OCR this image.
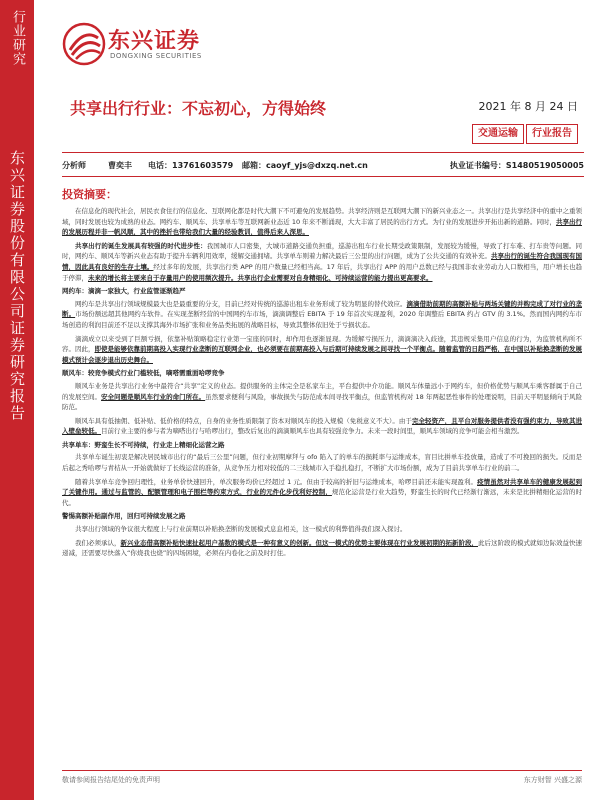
行业研究
东兴证券股份有限公司证券研究报告
东兴证券
DONGXING SECURITIES
共享出行行业：不忘初心，方得始终	2021 年 8 月 24 日
交通运输	行业报告
分析师	曹奕丰 电话：13761603579 邮箱：caoyf_yjs@dxzq.net.cn	执业证书编号：S1480519050005
投资摘要：

在信息化的现代社会，居民衣食住行的信息化、互联网化都是时代大潮下不可避免的发展趋势。共享经济则是互联网大潮下的新兴业态之一。共享出行是共享经济中的重中之重领域，同时发展也较为成熟的业态。网约车、顺风车、共享单车等互联网新业态近 10 年来不断涌现，大大丰富了居民的出行方式。为行业的发展进步开拓出新的道路。同时，共享出行的发展历程并非一帆风顺，其中的挫折也带给我们大量的经验教训，值得后来人深思。

共享出行的诞生发展具有较强的时代进步性：我国城市人口密集，大城市道路交通负担重，巡游出租车行业长期受政策限制，发展较为缓慢，导致了打车难、打车贵等问题。同时，网约车、顺风车等新兴业态有助于提升车辆利用效率，缓解交通拥堵。共享单车则着力解决最后三公里的出行问题，成为了公共交通的有效补充。共享出行的诞生符合我国现有国情，因此具有良好的生存土壤。经过多年的发展，共享出行类 APP 的用户数量已经相当高。17 年后，共享出行 APP 的用户总数已经与我国非农业劳动力人口数相当，用户增长也趋于停滞，未来的增长将主要来自于存量用户的使用频次提升。共享出行企业需要对自身精细化、可持续运营的能力提出更高要求。

网约车：滴滴一家独大，行业监管逐渐趋严

网约车是共享出行领域规模最大也是最重要的分支，目前已经对传统的巡游出租车业务形成了较为明显的替代效应。滴滴借助前期的高额补贴与两场关键的并购完成了对行业的垄断。市场份额远超其他网约车软件。在实现垄断经营的中国网约车市场，滴滴调整后 EBITA 于 19 年首次实现盈利，2020 年调整后 EBITA 约占 GTV 的 3.1%。然而国内网约车市场创造的利润目前还不足以支撑其海外市场扩张和业务品类拓展的战略目标，导致其整体依旧处于亏损状态。

滴滴成立以来受到了巨额亏损，依靠补贴策略稳定行业第一宝座的同时，却作用也逐渐显现。为缓解亏损压力，滴滴滴决入歧途，其违规采集用户信息的行为，为监管机构所不容。因此，即使是能够依靠前期高投入实现行业垄断的互联网企业，也必须要在前期高投入与后期可持续发展之间寻找一个平衡点。随着监管的日趋严格，在中国以补贴换垄断的发展模式预计会逐步退出历史舞台。

顺风车：较竞争模式行业门槛较低，嘀嗒需重面哈啰竞争

顺风车业务是共享出行业务中最符合“共享”定义的业态。提供服务的主体完全是私家车主，平台提供中介功能。顺风车体量远小于网约车，但价格优势与顺风车乘客群属于自己的发展空间。安全问题是顺风车行业的命门所在。虽然要求便利与风险，事故损失与防范成本间寻找平衡点，但监管机构对 18 年两起恶性事件的处理说明，目前天平明显倾向于风险防范。

顺风车具有低抽佣、低补贴、低价格的特点，自身的业务性质限制了资本对顺风车的投入规模（免税意义不大）。由于完全轻资产，且平台对服务提供者没有强约束力，导致其进入壁垒较低。目前行业主要的参与者为嘀嗒出行与哈啰出行，整改后复出的滴滴顺风车也具有较强竞争力。未来一段时间里，顺风车领域的竞争可能会相当激烈。

共享单车：野蛮生长不可持续，行业走上精细化运营之路

共享单车诞生初衷是解决居民城市出行的“最后三公里”问题，但行业初期摩拜与 ofo 陷入了的单车的损耗率与运维成本，盲目比拼单车投放量，造成了不可挽回的损失。反而是后起之秀哈啰与青桔从一开始就做好了长线运营的准备，从竞争压力相对较低的二三线城市入手稳扎稳打，不断扩大市场份额，成为了目前共享单车行业的前二。

随着共享单车竞争回归理性，业务单价快速回升，单次服务均价已经超过 1 元。但由于较高的折旧与运维成本，哈啰目前还未能实现盈利。疫情虽然对共享单车的健康发展起到了关键作用。通过与监管的、配额管理和电子围栏等约束方式，行业的元件化步伐利好控制，规范化运营是行业大趋势，野蛮生长的时代已经渐行渐远，未来是比拼精细化运营的时代。

警惕高额补贴副作用，回归可持续发展之路

共享出行领域的争议很大程度上与行业前期以补贴换垄断的发展模式息息相关，这一模式的利弊值得我们深入探讨。

我们必须承认，新兴业态借高额补贴快速扯起用户基数的模式是一种有意义的创新。但这一模式的优势主要体现在行业发展初期的拓新阶段，此后这阶段的模式就如边际效益快速递减，还需要尽快落入“你烧我也烧”的四场困境，必须在内卷化之前及时打住。

敬请参阅报告结尾处的免责声明	东方财智 兴盛之源
